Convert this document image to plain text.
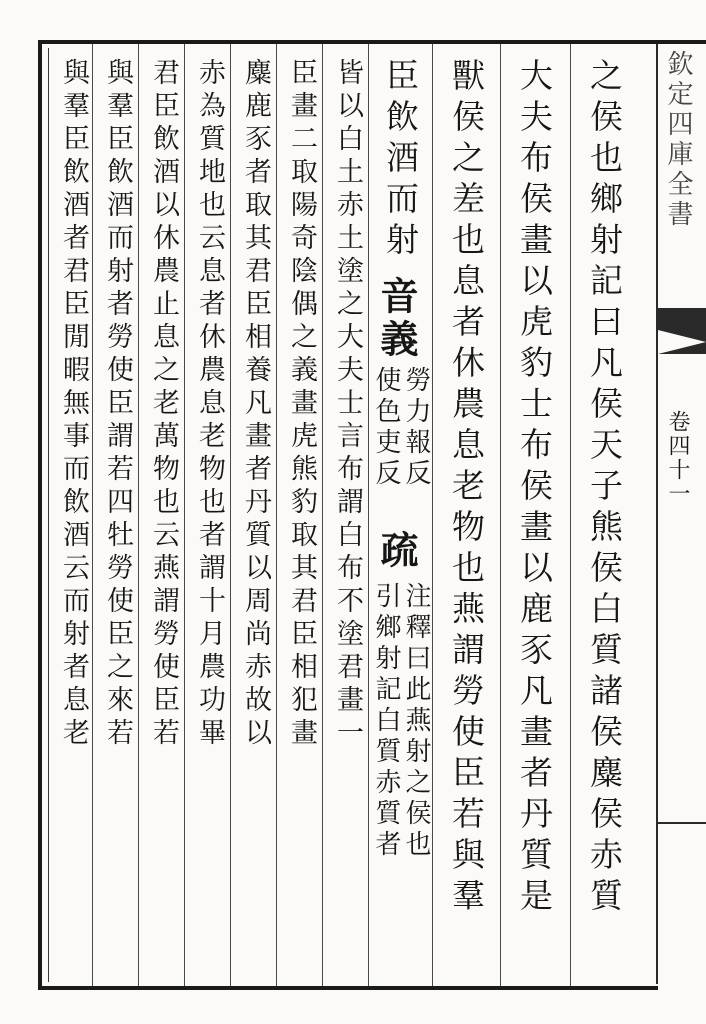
之侯也鄉射記曰凡侯天子熊侯白質諸侯麋侯赤質
大夫布侯畫以虎豹士布侯畫以鹿豕凡畫者丹質是
獸侯之差也息者休農息老物也燕謂勞使臣若與羣
臣飲酒而射
音義
勞力報反
使色吏反
疏
注釋曰此燕射之侯也
引鄉射記白質赤質者
皆以白土赤土塗之大夫士言布謂白布不塗君畫一
臣畫二取陽奇陰偶之義畫虎熊豹取其君臣相犯畫
麋鹿豕者取其君臣相養凡畫者丹質以周尚赤故以
赤為質地也云息者休農息老物也者謂十月農功畢
君臣飲酒以休農止息之老萬物也云燕謂勞使臣若
與羣臣飲酒而射者勞使臣謂若四牡勞使臣之來若
與羣臣飲酒者君臣閒暇無事而飲酒云而射者息老	欽定四庫全書
卷四十一
